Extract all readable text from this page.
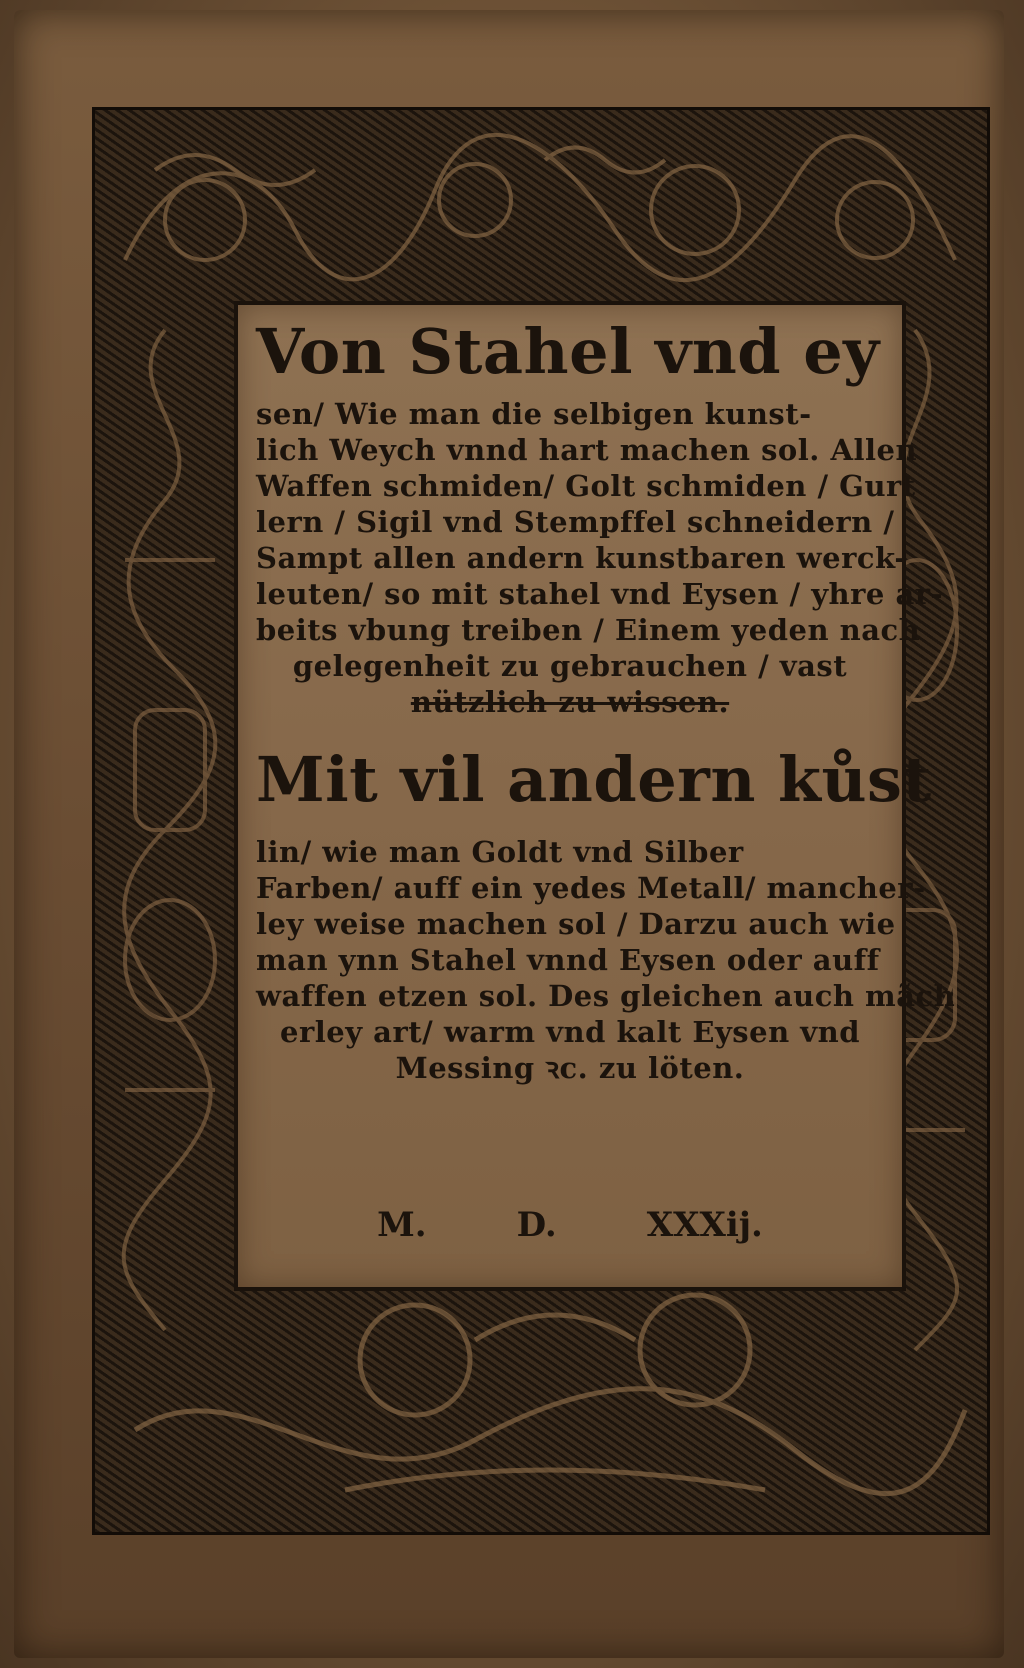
Von Stahel vnd ey
sen/ Wie man die selbigen kunst-
lich Weych vnnd hart machen sol. Allen
Waffen schmiden/ Golt schmiden / Gurt
lern / Sigil vnd Stempffel schneidern /
Sampt allen andern kunstbaren werck-
leuten/ so mit stahel vnd Eysen / yhre ar-
beits vbung treiben / Einem yeden nach
gelegenheit zu gebrauchen / vast
nützlich zu wissen.
Mit vil andern kůst
lin/ wie man Goldt vnd Silber
Farben/ auff ein yedes Metall/ mancher-
ley weise machen sol / Darzu auch wie
man ynn Stahel vnnd Eysen oder auff
waffen etzen sol. Des gleichen auch mãch
erley art/ warm vnd kalt Eysen vnd
Messing ꝛc. zu löten.
M.	D.	XXXij.
